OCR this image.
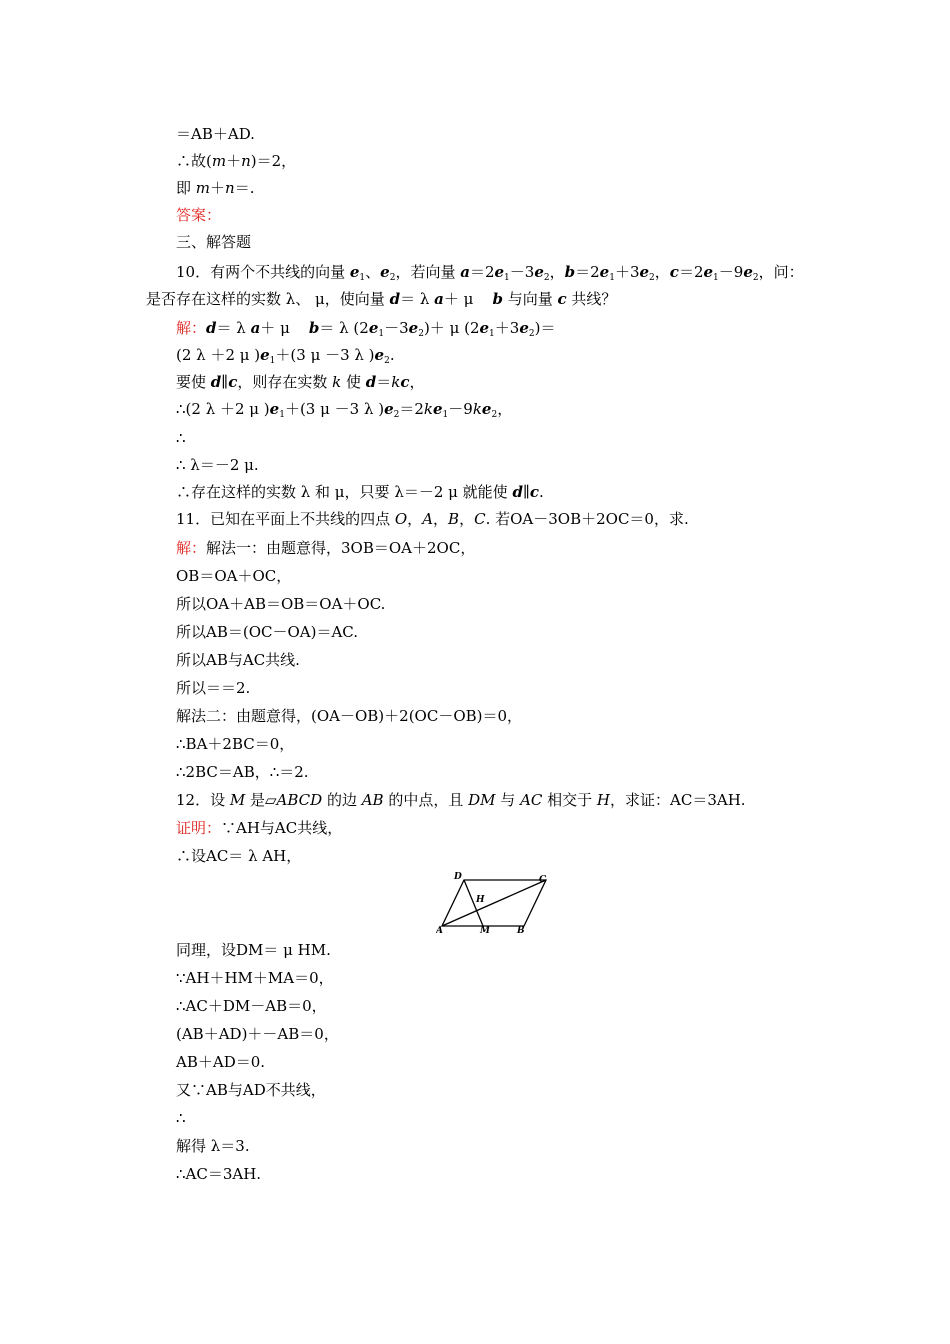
＝AB＋AD.
∴故(m＋n)＝2，
即 m＋n＝.
答案：
三、解答题
10．有两个不共线的向量 $e_1$、$e_2$，若向量 $a=2e_1-3e_2$，$b=2e_1+3e_2$，$c=2e_1-9e_2$，问：
是否存在这样的实数 λ、 μ，使向量 d＝ λ a＋ μ    b 与向量 c 共线？
解：d＝ λ a＋ μ    b＝ λ $(2e_1-3e_2)+ \mu$ $(2e_1+3e_2)=$
(2 λ ＋2 μ )$e_1+(3$ μ －3 λ )$e_2$.
要使 d∥c，则存在实数 k 使 d＝kc，
∴(2 λ ＋2 μ )$e_1+(3$ μ －3 λ )$e_2=2ke_1-9ke_2$，
∴
∴ λ＝－2 μ.
∴存在这样的实数 λ 和 μ，只要 λ＝－2 μ 就能使 d∥c.
11．已知在平面上不共线的四点 O，A，B，C. 若OA－3OB＋2OC＝0，求.
解：解法一：由题意得，3OB＝OA＋2OC，
OB＝OA＋OC，
所以OA＋AB＝OB＝OA＋OC.
所以AB＝(OC－OA)＝AC.
所以AB与AC共线.
所以＝＝2.
解法二：由题意得，(OA－OB)＋2(OC－OB)＝0，
∴BA＋2BC＝0，
∴2BC＝AB，∴＝2.
12．设 M 是▱ABCD 的边 AB 的中点，且 DM 与 AC 相交于 H，求证：AC＝3AH.
证明：∵AH与AC共线，
∴设AC＝ λ AH，
D	C
H
A	M	B
同理，设DM＝ μ HM.
∵AH＋HM＋MA＝0，
∴AC＋DM－AB＝0，
(AB＋AD)＋－AB＝0，
AB＋AD＝0.
又∵AB与AD不共线，
∴
解得 λ＝3.
∴AC＝3AH.
